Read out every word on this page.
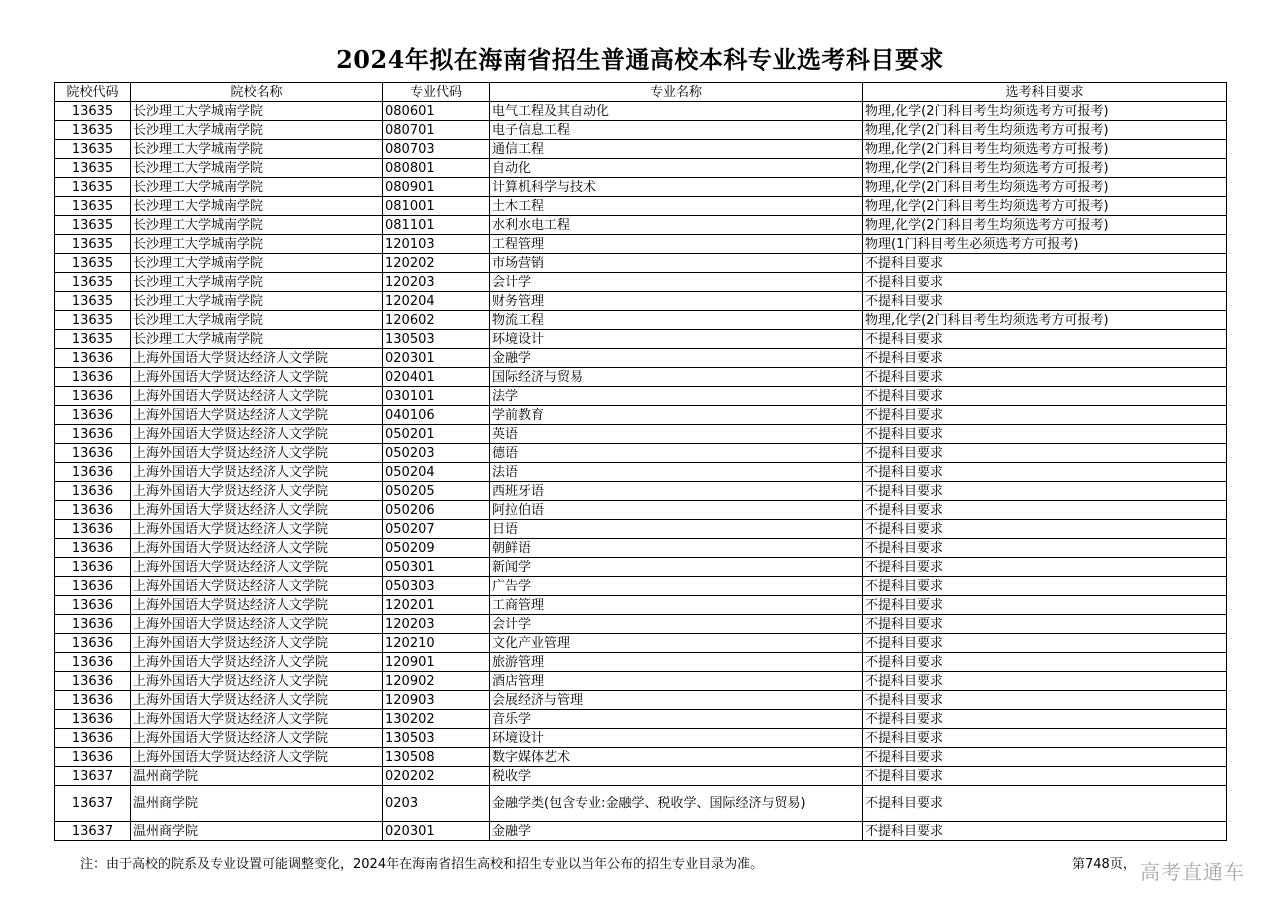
2024年拟在海南省招生普通高校本科专业选考科目要求
院校代码	院校名称	专业代码	专业名称	选考科目要求
13635	长沙理工大学城南学院	080601	电气工程及其自动化	物理,化学(2门科目考生均须选考方可报考)
13635	长沙理工大学城南学院	080701	电子信息工程	物理,化学(2门科目考生均须选考方可报考)
13635	长沙理工大学城南学院	080703	通信工程	物理,化学(2门科目考生均须选考方可报考)
13635	长沙理工大学城南学院	080801	自动化	物理,化学(2门科目考生均须选考方可报考)
13635	长沙理工大学城南学院	080901	计算机科学与技术	物理,化学(2门科目考生均须选考方可报考)
13635	长沙理工大学城南学院	081001	土木工程	物理,化学(2门科目考生均须选考方可报考)
13635	长沙理工大学城南学院	081101	水利水电工程	物理,化学(2门科目考生均须选考方可报考)
13635	长沙理工大学城南学院	120103	工程管理	物理(1门科目考生必须选考方可报考)
13635	长沙理工大学城南学院	120202	市场营销	不提科目要求
13635	长沙理工大学城南学院	120203	会计学	不提科目要求
13635	长沙理工大学城南学院	120204	财务管理	不提科目要求
13635	长沙理工大学城南学院	120602	物流工程	物理,化学(2门科目考生均须选考方可报考)
13635	长沙理工大学城南学院	130503	环境设计	不提科目要求
13636	上海外国语大学贤达经济人文学院	020301	金融学	不提科目要求
13636	上海外国语大学贤达经济人文学院	020401	国际经济与贸易	不提科目要求
13636	上海外国语大学贤达经济人文学院	030101	法学	不提科目要求
13636	上海外国语大学贤达经济人文学院	040106	学前教育	不提科目要求
13636	上海外国语大学贤达经济人文学院	050201	英语	不提科目要求
13636	上海外国语大学贤达经济人文学院	050203	德语	不提科目要求
13636	上海外国语大学贤达经济人文学院	050204	法语	不提科目要求
13636	上海外国语大学贤达经济人文学院	050205	西班牙语	不提科目要求
13636	上海外国语大学贤达经济人文学院	050206	阿拉伯语	不提科目要求
13636	上海外国语大学贤达经济人文学院	050207	日语	不提科目要求
13636	上海外国语大学贤达经济人文学院	050209	朝鲜语	不提科目要求
13636	上海外国语大学贤达经济人文学院	050301	新闻学	不提科目要求
13636	上海外国语大学贤达经济人文学院	050303	广告学	不提科目要求
13636	上海外国语大学贤达经济人文学院	120201	工商管理	不提科目要求
13636	上海外国语大学贤达经济人文学院	120203	会计学	不提科目要求
13636	上海外国语大学贤达经济人文学院	120210	文化产业管理	不提科目要求
13636	上海外国语大学贤达经济人文学院	120901	旅游管理	不提科目要求
13636	上海外国语大学贤达经济人文学院	120902	酒店管理	不提科目要求
13636	上海外国语大学贤达经济人文学院	120903	会展经济与管理	不提科目要求
13636	上海外国语大学贤达经济人文学院	130202	音乐学	不提科目要求
13636	上海外国语大学贤达经济人文学院	130503	环境设计	不提科目要求
13636	上海外国语大学贤达经济人文学院	130508	数字媒体艺术	不提科目要求
13637	温州商学院	020202	税收学	不提科目要求
13637	温州商学院	0203	金融学类(包含专业:金融学、税收学、国际经济与贸易)	不提科目要求
13637	温州商学院	020301	金融学	不提科目要求
注：由于高校的院系及专业设置可能调整变化，2024年在海南省招生高校和招生专业以当年公布的招生专业目录为准。	第748页， 高考直通车
